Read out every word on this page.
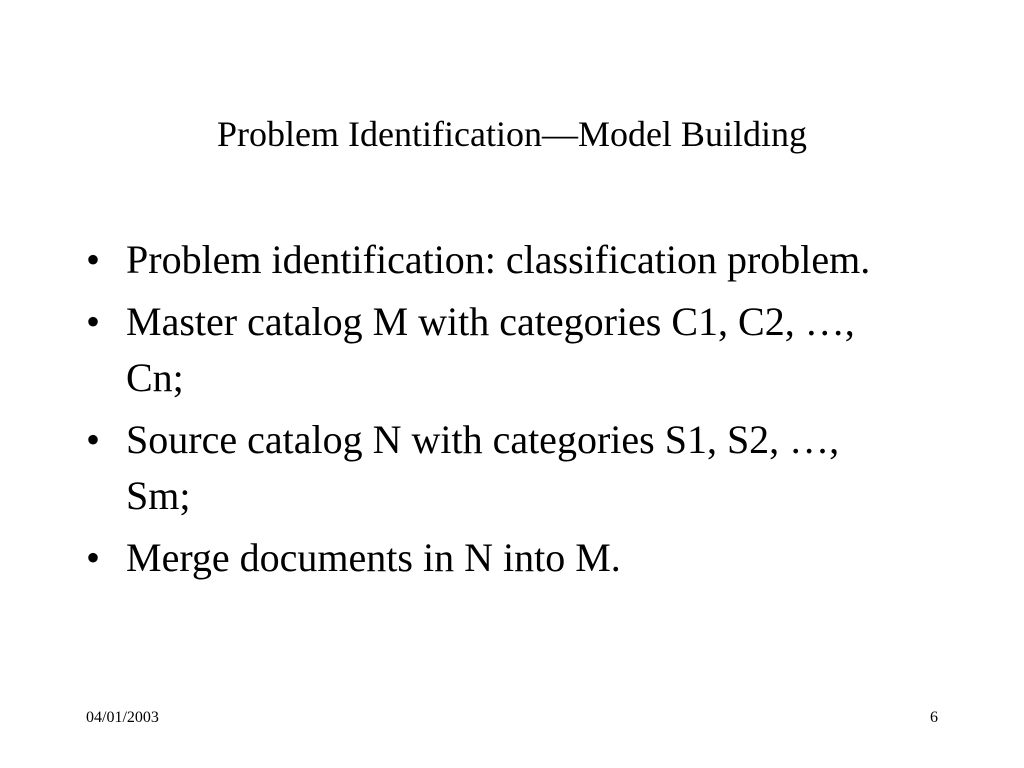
Problem Identification—Model Building
• Problem identification: classification problem.
• Master catalog M with categories C1, C2, …, Cn;
• Source catalog N with categories S1, S2, …, Sm;
• Merge documents in N into M.
04/01/2003	6
